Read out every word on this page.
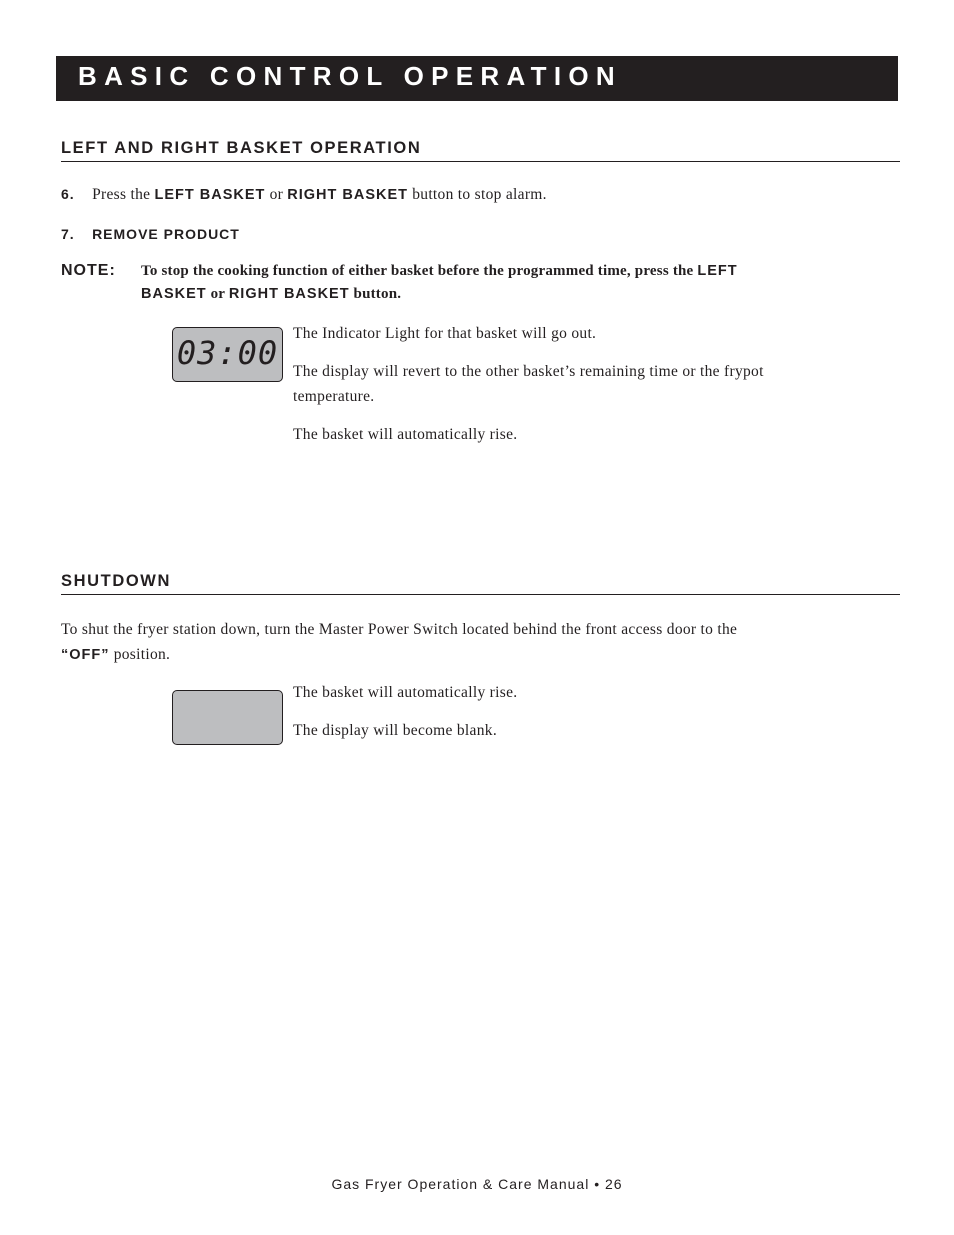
BASIC CONTROL OPERATION
LEFT AND RIGHT BASKET OPERATION
6. Press the LEFT BASKET or RIGHT BASKET button to stop alarm.
7. REMOVE PRODUCT
NOTE: To stop the cooking function of either basket before the programmed time, press the LEFT
BASKET or RIGHT BASKET button.
03:00
The Indicator Light for that basket will go out.
The display will revert to the other basket’s remaining time or the frypot
temperature.
The basket will automatically rise.
SHUTDOWN
To shut the fryer station down, turn the Master Power Switch located behind the front access door to the
“OFF” position.
The basket will automatically rise.
The display will become blank.
Gas Fryer Operation & Care Manual • 26
